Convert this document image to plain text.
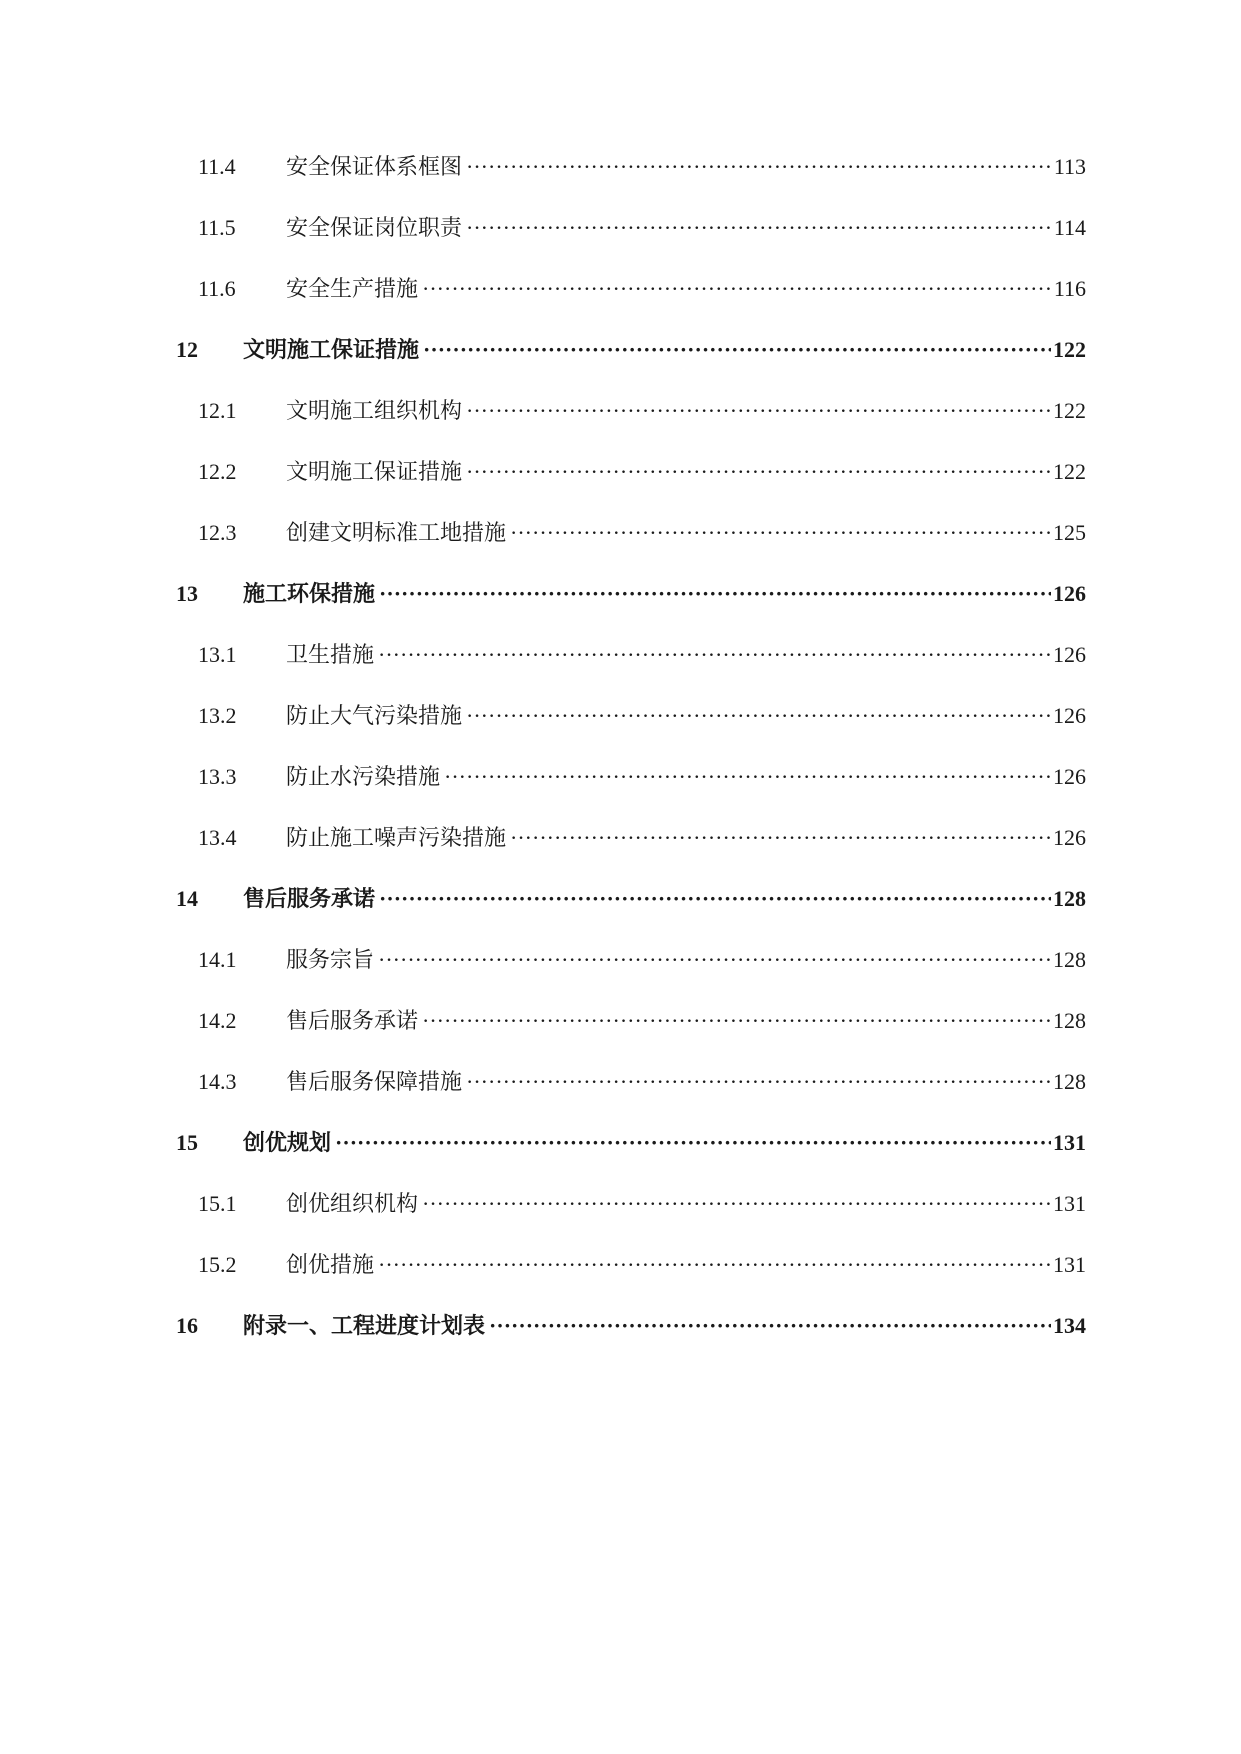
11.4	安全保证体系框图 ·····	113
11.5	安全保证岗位职责 ·····	114
11.6	安全生产措施 ·····	116
12	文明施工保证措施 ·····	122
12.1	文明施工组织机构 ·····	122
12.2	文明施工保证措施 ·····	122
12.3	创建文明标准工地措施 ·····	125
13	施工环保措施 ·····	126
13.1	卫生措施 ·····	126
13.2	防止大气污染措施 ·····	126
13.3	防止水污染措施 ·····	126
13.4	防止施工噪声污染措施 ·····	126
14	售后服务承诺 ·····	128
14.1	服务宗旨 ·····	128
14.2	售后服务承诺 ·····	128
14.3	售后服务保障措施 ·····	128
15	创优规划 ·····	131
15.1	创优组织机构 ·····	131
15.2	创优措施 ·····	131
16	附录一、工程进度计划表 ·····	134
